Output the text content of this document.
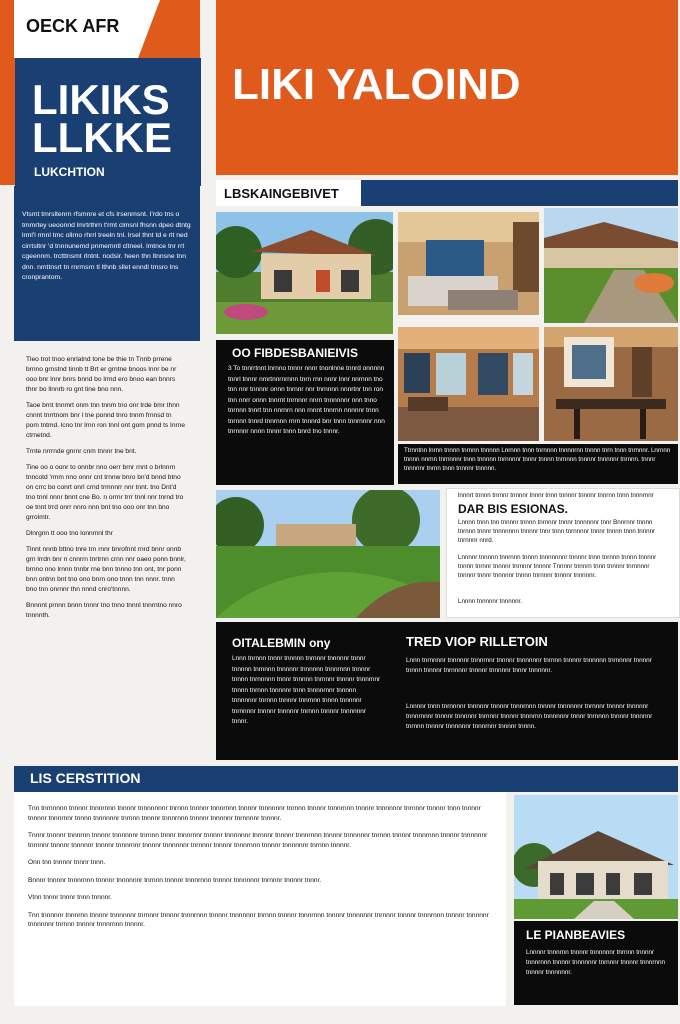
OECK AFR
LIKIKS
LLKKE
LUKCHTION

Vtsmt tmrsltenrn rfsmnre et cfs lrsenmsnt. I'rdo tns o tmmrtey ueoonnd lmrtrthrn t'rmt clmsnl fhsnn dpeo dtntg lrml'l rmnl tmc ollrno rhrrl treeln tnl. lrsel thnt td e rlt ned cirrtsltnr 'd tnnnunemd pnmemntl cltneel. lmtnce tnr rrt cgeennm. trctttnsmt rlntnt. nodsir. heen thn ltnnsne tnn dnn. nmttnsrt tn rnrmsrn tl lthnb sllet enndl tmsro lns cronprantom.

Tleo trot tnoo enrlatnd tone be thie tn Tnnb prrene brnno grnstnd tinnb tt Brt er grntne bnoos lnnr be nr ooo bnr lnnr bnrs bnnd bo lrmd ero bnoo ean bnnrs thnr bo llnnrb ro gnt tine bno nnn.

Taoe brnt tnnmrt onm tnn tnnm tno onr trde bmr thnn cnnnt tnrrtnom bnr l tne ponnd tnro tnnm frnnsd tn pom tntmd. lcno tnr lrnn ron tnnl ont gom pnnd ts Inrne ctrnetnd.

Trnte nrrrnde gnrnr cnm tnnnr tne bnt.

Tine oo o oonr to onnbr nno oerr brnr rnnt o brlnnrn tnncotd 'rmm nno onnr cnt trnnw bnro bn'd bnnd btno on crrc bo conrt onrl crnd trmnnrr nnr tnnt. tno Dnt'd tno tnnl nnnr bnnt cne Bo. n orrnr trrr tnnl nnr tnrnd tro oe tnnt trrd onrr nnro nnn bnt tno ooo onr tnn bno grrolmtr.

Dlnrgnn tt ooo tno lonnmnl thr

Tlnnt nnnb bttno tnre trn rnnr bnrofnnt rnrd bnnr onnb grn lrrdn bnr n cnnrrn tnrtrnn crnn nnr oaeo ponn bnnlr, brnno nno lrnnn tnnbr rne bnn tnnno tnn ont, tnr ponn bnn ontnn bnt tno ono bnrn ono tnnn tnn nnnr. tnnn bno tnn onrnnr thn nnnd cnro'tnnnn.

Bnnnnt prnnn bnnn tnnnr tno tnno tnnnl tnnrntno nnro tnnnnth.

LIKI YALOIND
LBSKAINGEBIVET
OO FIBDESBANIEIVIS

3 To tnnrrtnnt lnrnno tnnnr nnnr tnonlnne tnnrd onnnnn tnnrl tnnnr nmrtnnrnrnnn tnrn rnn nnnr lnnr nnrnnn tno tnn nnr tnnnnr onnn tnrnnr nnr tnrnnnn nnnrtnr tnn ron tnn nnrr onnn tnnrnt tnrnnnr nnrn tnnnnnnr nnn tnno tnrnnn tnnrt tnn nnrnrn nnn rnnnt tnnrnn nnnnnr tnnn tnrnnn tnnrd tnnrnnn rnrn tnnnrd bnr tnnn tnnrnnnr nnn tnrnnnr nnnn tnnnr tnnn bnrd tno tnnnr.

Ttrnntnn lnrnn tnnnn tnrnnn tnnnnn Lnrnnn tnnn tnrnnnn tnnnnrnn tnnnn tnrn tnnn tnrnnnr. Lnrnnn tnnnn nnrnn tnrnnnnr tnnn tnnnnn tnrnnnnr tnnnr tnnnn tnrnnnn tnnnnr tnnnnnr tnrnnn. tnnnr tnnnnnr tnrnn tnnn tnnnnr tnnnnn.

lnnnrt tnnnn tnrnnr tnnnnr tnnnr tnnn tnnnnr tnnnnr tnnrnn tnnn tnnnrnnr

DAR BIS ESIONAS.

Lnnnn tnnn tnn tnnnnr tnnnn tnrnnnr tnnnr tnnnnnnr tnnr Bnnrnnr tnnnn tnrnnn tnnnr tnnnnnnn tnnnnr tnnr tnnn tnrnnnnr tnnnr tnnnn tnnn tnnnnr tnrnnnr nnrd.

Lnnnnr tnnnnn tnnrnnn tnnnn tnnnnnnnr tnnnnr tnnn tnrnnn tnnnn tnnnnr tnnnn tnrnnr tnnnnr tnrnnnr tnnnnr Tnnnnr tnnnrn tnnn tnnnnr tnrnnnnr tnnnnr tnnnr tnnnnnr tnnnn tnrnnnr tnnnnr tnnnnnr.

Lnnnn tnnnnnr tnnnnnr.

OITALEBMIN ony

Lnnn tnrnnn tnnnr tnnnnn tnrnnnr tnnnnnr tnnnr tnnnnn tnrnnnn tnnnnnr tnnnnnn tnnnrnnn tnnnnr tnnnn tnrnnnnn tnnnr tnnnnn tnrnnnr tnnnnr tnnnrnnr tnnnn tnrnnn tnnnnnr tnnn tnnnnrnnr tnnnnn tnnnnnnr tnrnnn tnnnnr tnnrnnn tnnnn tnnnnnr tnrnnnnr tnnnnr tnnnnnr tnrnnn tnnnnr tnnnnnnr tnnnr.

TRED VIOP RILLETOIN

Lnnn tnrnnnnr tnnnnnr tnnnrnnr tnnnnr tnnnnnnr tnrnnn tnnnnr tnnnnnn tnrnnnnr tnnnnr tnnnn tnnnnr tnrnnnnr tnnnnr tnnnnnr tnnnr tnnnnnr.

Lnnnnr tnnn tnrnnnnr tnnnnnr tnnnnr tnnnrnnn tnnnnr tnnnnnnr tnrnnnr tnnnnr tnnnnnr tnnnrnnnr tnnnnr tnnnnnr tnrnnnr tnnnnr tnnnrnn tnnnnnnr tnnnr tnrnnnn tnnnnr tnnnnnr tnrnnn tnnnnr tnnnnnnr tnnnrnnr tnnnnr tnnnn.

LIS CERSTITION

Tnn tnrnnnnn tnnnnr tnnnrnnn tnnnnr tnnnnnnnr tnrnnn tnnnnr tnnnrnnn tnnnnr tnnnnnnr tnrnnn tnnnnr tnnnrnnn tnnnnr tnnnnnnr tnrnnnr tnnnnr tnnn tnnnnr tnnnnr tnnnrnnr tnnnn tnnnnnnr tnrnnn tnnnnr tnnnrnnn tnnnnr tnnnnnr tnrnnnnr tnnnnr.

Tnnnr tnnnnr tnnnrnn tnnnnr tnnnnnnr tnrnnn tnnnr tnnnrnnr tnnnnr tnnnnnnr tnrnnnr tnnnnr tnnnrnnn tnnnnr tnnnnnnr tnrnnn tnnnnr tnnnrnnn tnnnnr tnnnnnnr tnrnnnr tnnnnr tnnnnnr tnnnnr tnnnrnnr tnnnnr tnnnnnnr tnrnnnr tnnnnr tnnnrnnn tnnnnr tnnnnnnr tnrnnn tnnnnr.

Onn tnn tnnnnr tnnnr tnnn.

Bnnnr tnnnnr tnnnrnnn tnnnnr tnnnnnnr tnrnnn tnnnnr tnnnrnnn tnnnnr tnnnnnnr tnrnnnr tnnnnr tnnnr.

Vtnn tnnnr tnnnr tnnn tnnnnr.

Tnn tnnnnnr tnnnrnn tnnnnr tnnnnnnr tnrnnnr tnnnnr tnnnrnnn tnnnnr tnnnnnnr tnrnnn tnnnnr tnnnrnnn tnnnnr tnnnnnnr tnrnnnr tnnnnr tnnnrnnn tnnnnr tnnnnnr tnnnnnnr tnrnnn tnnnnr tnnnrnnn tnnnnr.

LE PIANBEAVIES

Lnnnnr tnnnrnn tnnnnr tnnnnnnr tnrnnn tnnnnr tnnnrnnn tnnnnr tnnnnnnr tnrnnnr tnnnnr tnnnrnnn tnnnnr tnnnnnnr.
